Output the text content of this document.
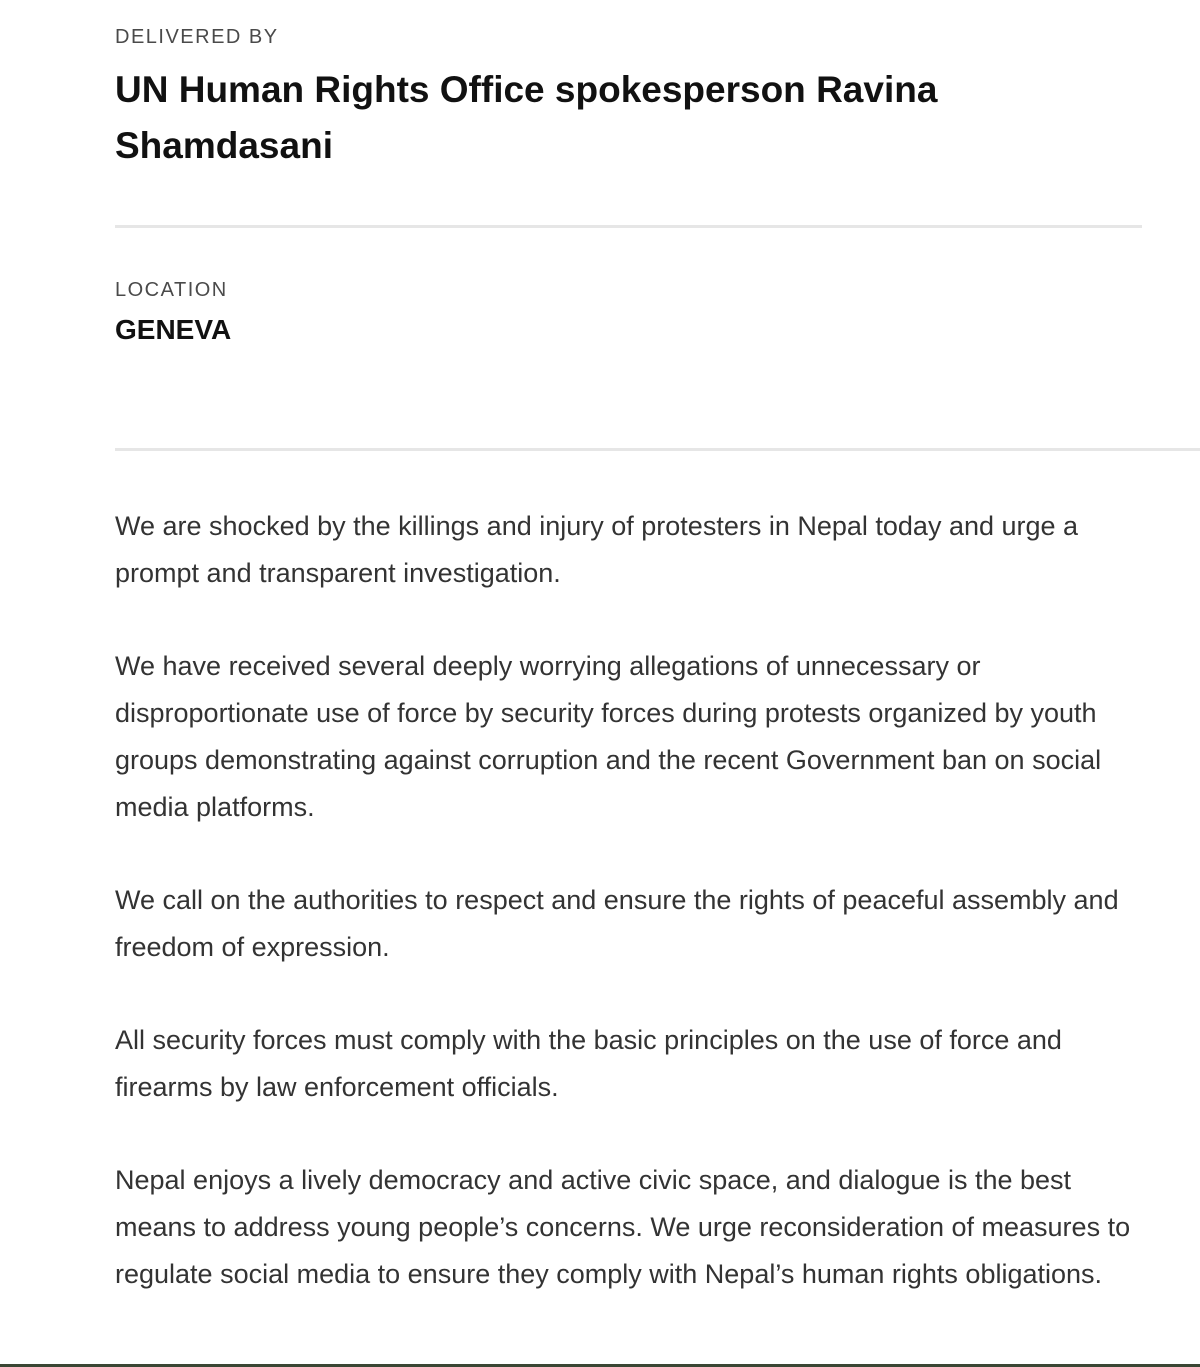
DELIVERED BY

UN Human Rights Office spokesperson Ravina Shamdasani

LOCATION

GENEVA

We are shocked by the killings and injury of protesters in Nepal today and urge a prompt and transparent investigation.

We have received several deeply worrying allegations of unnecessary or disproportionate use of force by security forces during protests organized by youth groups demonstrating against corruption and the recent Government ban on social media platforms.

We call on the authorities to respect and ensure the rights of peaceful assembly and freedom of expression.

All security forces must comply with the basic principles on the use of force and firearms by law enforcement officials.

Nepal enjoys a lively democracy and active civic space, and dialogue is the best means to address young people’s concerns. We urge reconsideration of measures to regulate social media to ensure they comply with Nepal’s human rights obligations.
